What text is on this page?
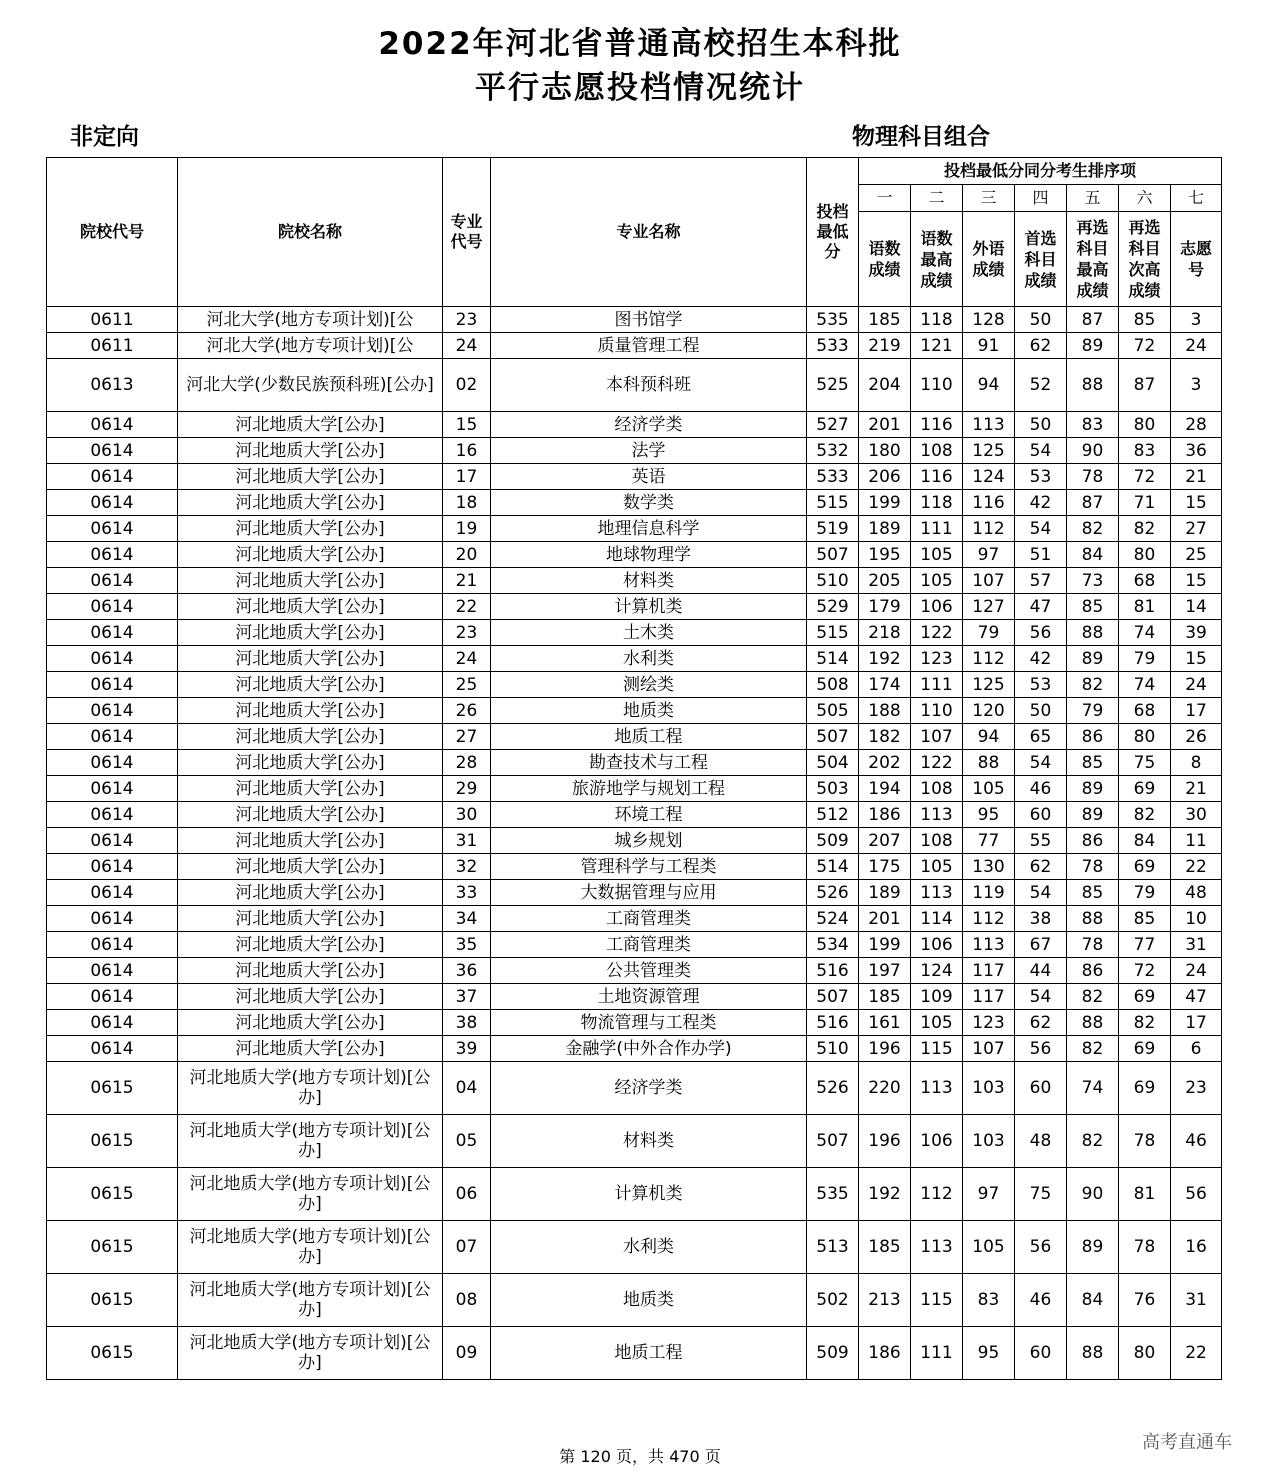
2022年河北省普通高校招生本科批
平行志愿投档情况统计
非定向	物理科目组合
院校代号	院校名称	专业代号	专业名称	投档最低分	投档最低分同分考生排序项						
					一	二	三	四	五	六	七
					语数成绩	语数最高成绩	外语成绩	首选科目成绩	再选科目最高成绩	再选科目次高成绩	志愿号
0611	河北大学(地方专项计划)[公	23	图书馆学	535	185	118	128	50	87	85	3
0611	河北大学(地方专项计划)[公	24	质量管理工程	533	219	121	91	62	89	72	24
0613	河北大学(少数民族预科班)[公办]	02	本科预科班	525	204	110	94	52	88	87	3
0614	河北地质大学[公办]	15	经济学类	527	201	116	113	50	83	80	28
0614	河北地质大学[公办]	16	法学	532	180	108	125	54	90	83	36
0614	河北地质大学[公办]	17	英语	533	206	116	124	53	78	72	21
0614	河北地质大学[公办]	18	数学类	515	199	118	116	42	87	71	15
0614	河北地质大学[公办]	19	地理信息科学	519	189	111	112	54	82	82	27
0614	河北地质大学[公办]	20	地球物理学	507	195	105	97	51	84	80	25
0614	河北地质大学[公办]	21	材料类	510	205	105	107	57	73	68	15
0614	河北地质大学[公办]	22	计算机类	529	179	106	127	47	85	81	14
0614	河北地质大学[公办]	23	土木类	515	218	122	79	56	88	74	39
0614	河北地质大学[公办]	24	水利类	514	192	123	112	42	89	79	15
0614	河北地质大学[公办]	25	测绘类	508	174	111	125	53	82	74	24
0614	河北地质大学[公办]	26	地质类	505	188	110	120	50	79	68	17
0614	河北地质大学[公办]	27	地质工程	507	182	107	94	65	86	80	26
0614	河北地质大学[公办]	28	勘查技术与工程	504	202	122	88	54	85	75	8
0614	河北地质大学[公办]	29	旅游地学与规划工程	503	194	108	105	46	89	69	21
0614	河北地质大学[公办]	30	环境工程	512	186	113	95	60	89	82	30
0614	河北地质大学[公办]	31	城乡规划	509	207	108	77	55	86	84	11
0614	河北地质大学[公办]	32	管理科学与工程类	514	175	105	130	62	78	69	22
0614	河北地质大学[公办]	33	大数据管理与应用	526	189	113	119	54	85	79	48
0614	河北地质大学[公办]	34	工商管理类	524	201	114	112	38	88	85	10
0614	河北地质大学[公办]	35	工商管理类	534	199	106	113	67	78	77	31
0614	河北地质大学[公办]	36	公共管理类	516	197	124	117	44	86	72	24
0614	河北地质大学[公办]	37	土地资源管理	507	185	109	117	54	82	69	47
0614	河北地质大学[公办]	38	物流管理与工程类	516	161	105	123	62	88	82	17
0614	河北地质大学[公办]	39	金融学(中外合作办学)	510	196	115	107	56	82	69	6
0615	河北地质大学(地方专项计划)[公办]	04	经济学类	526	220	113	103	60	74	69	23
0615	河北地质大学(地方专项计划)[公办]	05	材料类	507	196	106	103	48	82	78	46
0615	河北地质大学(地方专项计划)[公办]	06	计算机类	535	192	112	97	75	90	81	56
0615	河北地质大学(地方专项计划)[公办]	07	水利类	513	185	113	105	56	89	78	16
0615	河北地质大学(地方专项计划)[公办]	08	地质类	502	213	115	83	46	84	76	31
0615	河北地质大学(地方专项计划)[公办]	09	地质工程	509	186	111	95	60	88	80	22
第 120 页，共 470 页
高考直通车
